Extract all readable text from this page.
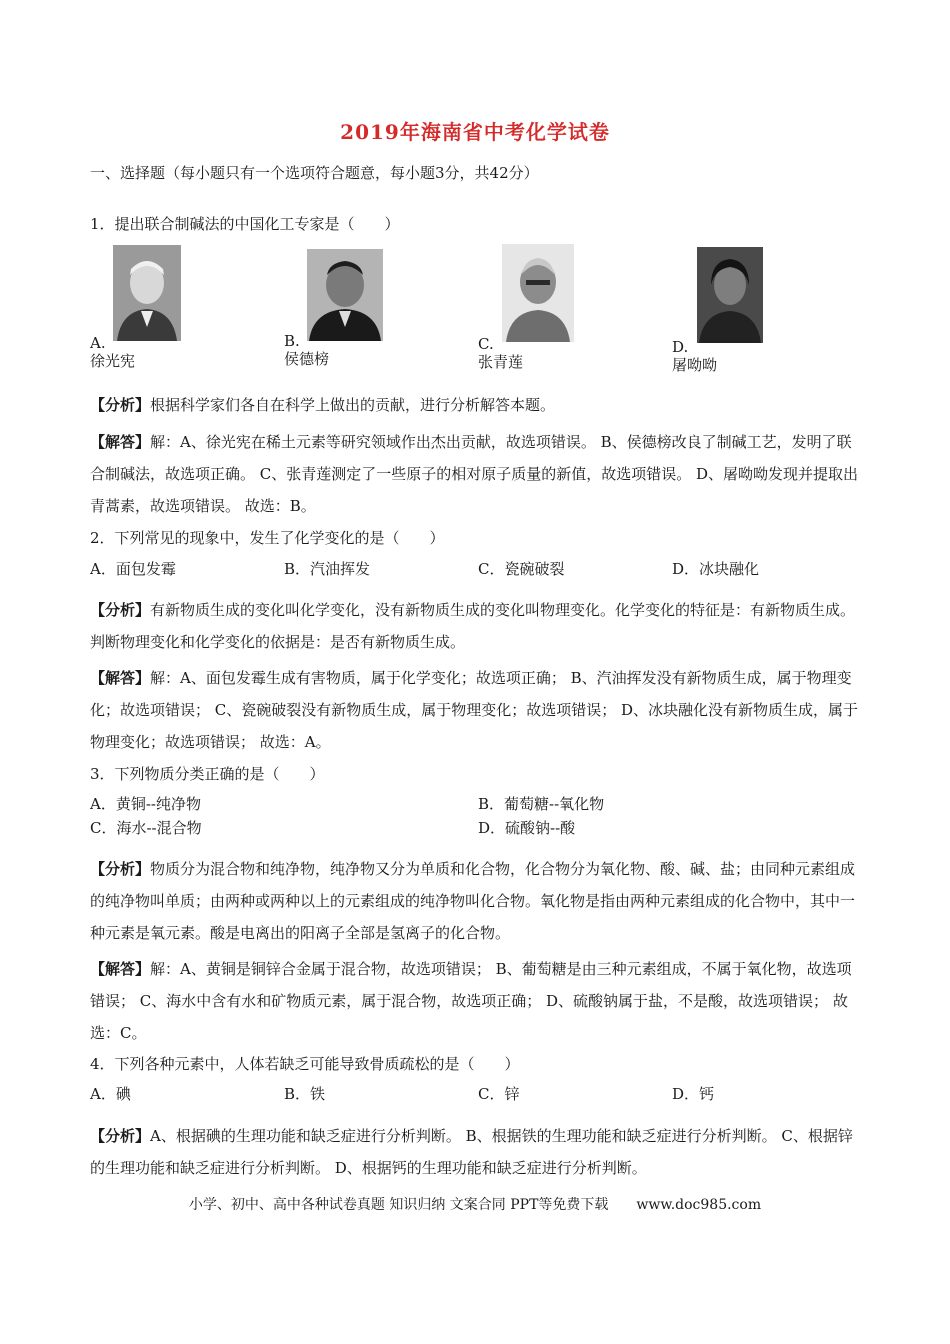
2019年海南省中考化学试卷
一、选择题（每小题只有一个选项符合题意，每小题3分，共42分）
1．提出联合制碱法的中国化工专家是（　　）
A.
徐光宪
B.
侯德榜
C.
张青莲
D.
屠呦呦
【分析】根据科学家们各自在科学上做出的贡献，进行分析解答本题。
【解答】解：A、徐光宪在稀土元素等研究领域作出杰出贡献，故选项错误。 B、侯德榜改良了制碱工艺，发明了联合制碱法，故选项正确。 C、张青莲测定了一些原子的相对原子质量的新值，故选项错误。 D、屠呦呦发现并提取出青蒿素，故选项错误。 故选：B。
2．下列常见的现象中，发生了化学变化的是（　　）
A．面包发霉	B．汽油挥发	C．瓷碗破裂	D．冰块融化
【分析】有新物质生成的变化叫化学变化，没有新物质生成的变化叫物理变化。化学变化的特征是：有新物质生成。判断物理变化和化学变化的依据是：是否有新物质生成。
【解答】解：A、面包发霉生成有害物质，属于化学变化；故选项正确； B、汽油挥发没有新物质生成，属于物理变化；故选项错误； C、瓷碗破裂没有新物质生成，属于物理变化；故选项错误； D、冰块融化没有新物质生成，属于物理变化；故选项错误； 故选：A。
3．下列物质分类正确的是（　　）
A．黄铜--纯净物	B．葡萄糖--氧化物
C．海水--混合物	D．硫酸钠--酸
【分析】物质分为混合物和纯净物，纯净物又分为单质和化合物，化合物分为氧化物、酸、碱、盐；由同种元素组成的纯净物叫单质；由两种或两种以上的元素组成的纯净物叫化合物。氧化物是指由两种元素组成的化合物中，其中一种元素是氧元素。酸是电离出的阳离子全部是氢离子的化合物。
【解答】解：A、黄铜是铜锌合金属于混合物，故选项错误； B、葡萄糖是由三种元素组成，不属于氧化物，故选项错误； C、海水中含有水和矿物质元素，属于混合物，故选项正确； D、硫酸钠属于盐，不是酸，故选项错误； 故选：C。
4．下列各种元素中，人体若缺乏可能导致骨质疏松的是（　　）
A．碘	B．铁	C．锌	D．钙
【分析】A、根据碘的生理功能和缺乏症进行分析判断。 B、根据铁的生理功能和缺乏症进行分析判断。 C、根据锌的生理功能和缺乏症进行分析判断。 D、根据钙的生理功能和缺乏症进行分析判断。
小学、初中、高中各种试卷真题 知识归纳 文案合同 PPT等免费下载　　www.doc985.com
